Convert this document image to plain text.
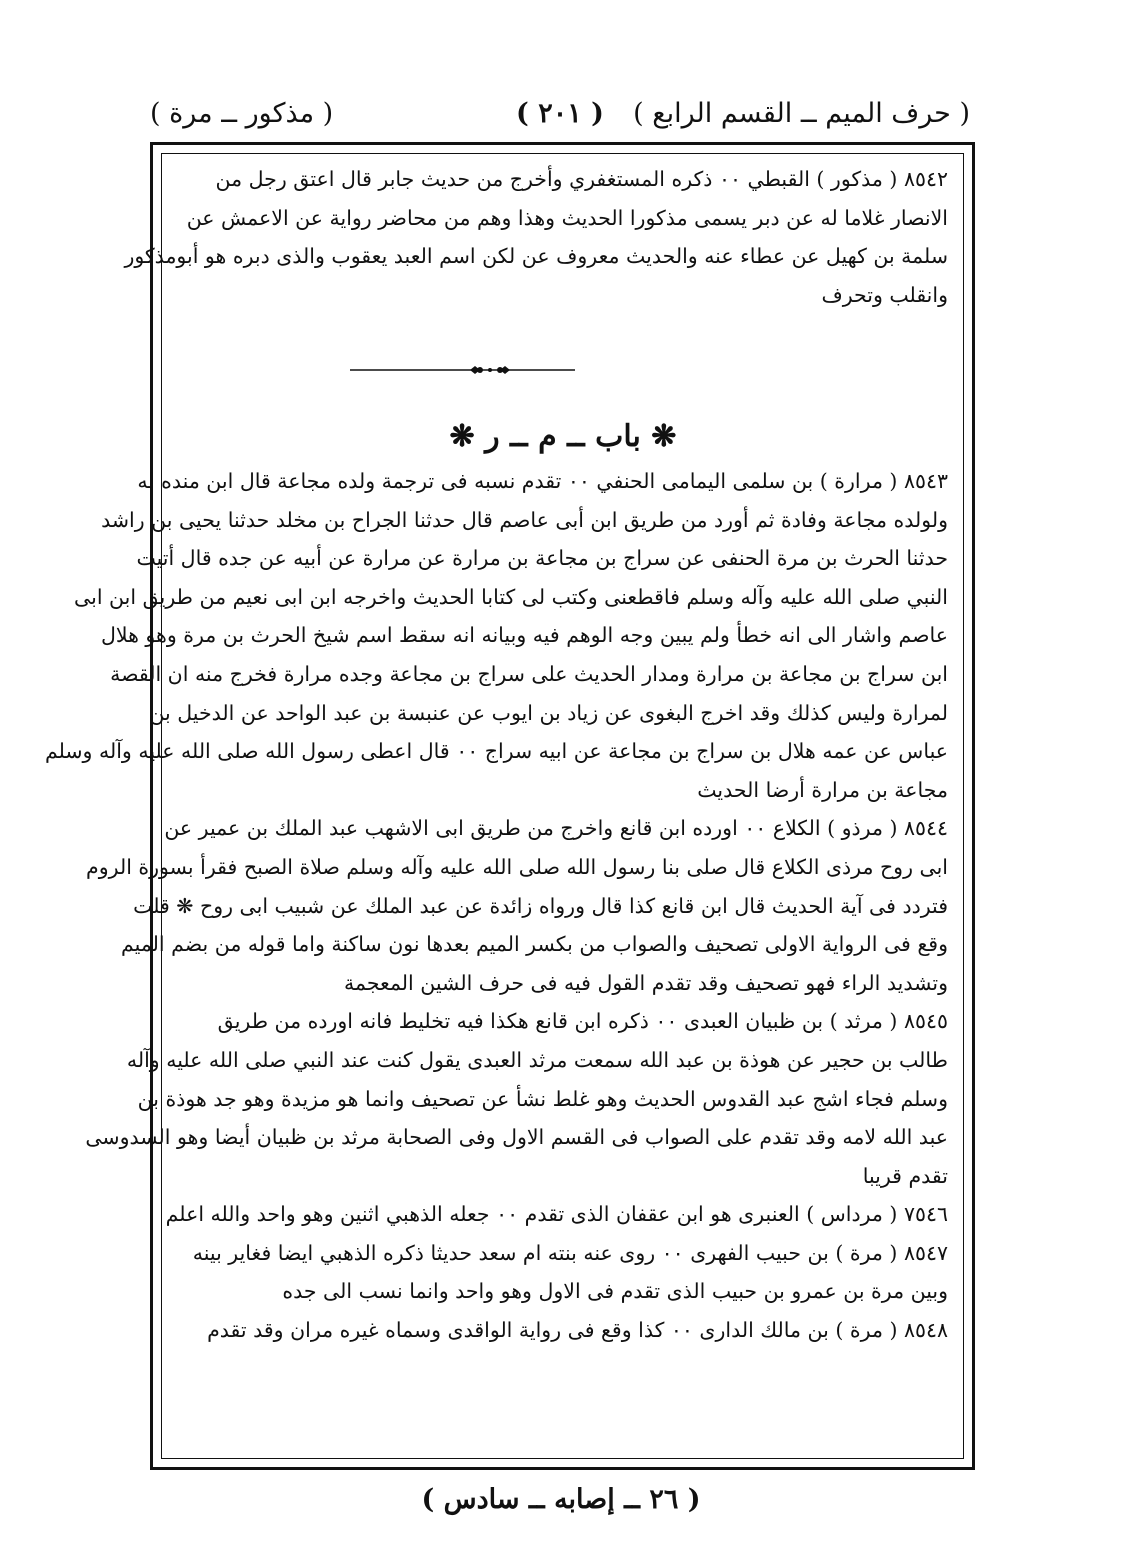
( حرف الميم ــ القسم الرابع )
( ٢٠١ )
( مذكور ــ مرة )
٨٥٤٢ ( مذكور ) القبطي ٠٠ ذكره المستغفري وأخرج من حديث جابر قال اعتق رجل من
الانصار غلاما له عن دبر يسمى مذكورا الحديث وهذا وهم من محاضر رواية عن الاعمش عن
سلمة بن كهيل عن عطاء عنه والحديث معروف عن لكن اسم العبد يعقوب والذى دبره هو أبومذكور
وانقلب وتحرف
❋ باب ــ م ــ ر ❋
٨٥٤٣ ( مرارة ) بن سلمى اليمامى الحنفي ٠٠ تقدم نسبه فى ترجمة ولده مجاعة قال ابن منده له
ولولده مجاعة وفادة ثم أورد من طريق ابن أبى عاصم قال حدثنا الجراح بن مخلد حدثنا يحيى بن راشد
حدثنا الحرث بن مرة الحنفى عن سراج بن مجاعة بن مرارة عن مرارة عن أبيه عن جده قال أتيت
النبي صلى الله عليه وآله وسلم فاقطعنى وكتب لى كتابا الحديث واخرجه ابن ابى نعيم من طريق ابن ابى
عاصم واشار الى انه خطأ ولم يبين وجه الوهم فيه وبيانه انه سقط اسم شيخ الحرث بن مرة وهو هلال
ابن سراج بن مجاعة بن مرارة ومدار الحديث على سراج بن مجاعة وجده مرارة فخرج منه ان القصة
لمرارة وليس كذلك وقد اخرج البغوى عن زياد بن ايوب عن عنبسة بن عبد الواحد عن الدخيل بن
عباس عن عمه هلال بن سراج بن مجاعة عن ابيه سراج ٠٠ قال اعطى رسول الله صلى الله عليه وآله وسلم
مجاعة بن مرارة أرضا الحديث
٨٥٤٤ ( مرذو ) الكلاع ٠٠ اورده ابن قانع واخرج من طريق ابى الاشهب عبد الملك بن عمير عن
ابى روح مرذى الكلاع قال صلى بنا رسول الله صلى الله عليه وآله وسلم صلاة الصبح فقرأ بسورة الروم
فتردد فى آية الحديث قال ابن قانع كذا قال ورواه زائدة عن عبد الملك عن شبيب ابى روح ❋ قلت
وقع فى الرواية الاولى تصحيف والصواب من بكسر الميم بعدها نون ساكنة واما قوله من بضم الميم
وتشديد الراء فهو تصحيف وقد تقدم القول فيه فى حرف الشين المعجمة
٨٥٤٥ ( مرثد ) بن ظبيان العبدى ٠٠ ذكره ابن قانع هكذا فيه تخليط فانه اورده من طريق
طالب بن حجير عن هوذة بن عبد الله سمعت مرثد العبدى يقول كنت عند النبي صلى الله عليه وآله
وسلم فجاء اشج عبد القدوس الحديث وهو غلط نشأ عن تصحيف وانما هو مزيدة وهو جد هوذة بن
عبد الله لامه وقد تقدم على الصواب فى القسم الاول وفى الصحابة مرثد بن ظبيان أيضا وهو السدوسى
تقدم قريبا
٧٥٤٦ ( مرداس ) العنبرى هو ابن عقفان الذى تقدم ٠٠ جعله الذهبي اثنين وهو واحد والله اعلم
٨٥٤٧ ( مرة ) بن حبيب الفهرى ٠٠ روى عنه بنته ام سعد حديثا ذكره الذهبي ايضا فغاير بينه
وبين مرة بن عمرو بن حبيب الذى تقدم فى الاول وهو واحد وانما نسب الى جده
٨٥٤٨ ( مرة ) بن مالك الدارى ٠٠ كذا وقع فى رواية الواقدى وسماه غيره مران وقد تقدم
( ٢٦ ــ إصابه ــ سادس )
